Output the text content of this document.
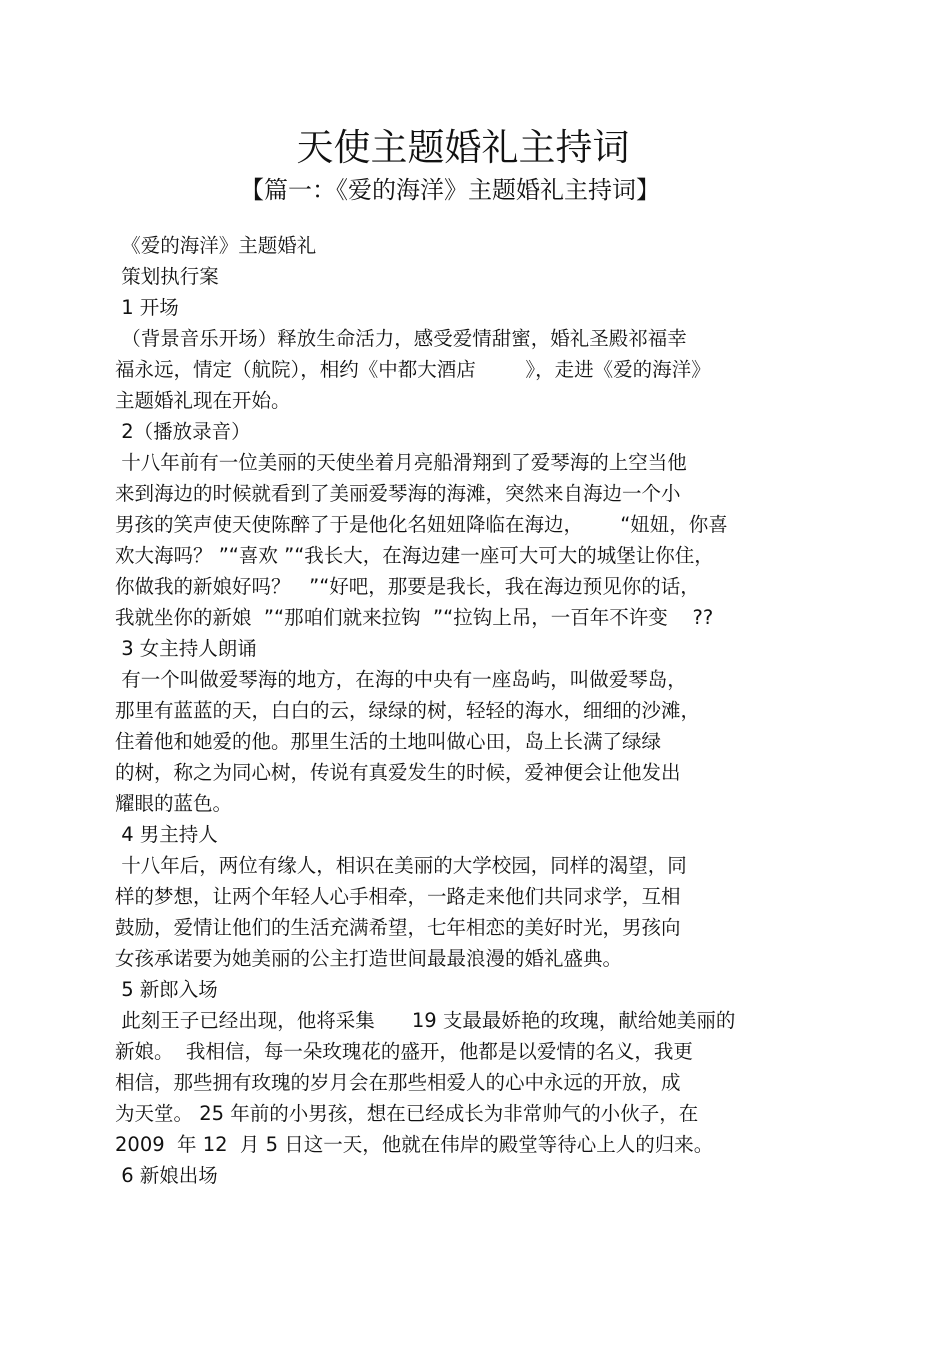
天使主题婚礼主持词
【篇一：《爱的海洋》主题婚礼主持词】

《爱的海洋》主题婚礼

策划执行案

1 开场

（背景音乐开场）释放生命活力，感受爱情甜蜜，婚礼圣殿祁福幸

福永远，情定（航院），相约《中都大酒店        》，走进《爱的海洋》

主题婚礼现在开始。

2（播放录音）

十八年前有一位美丽的天使坐着月亮船滑翔到了爱琴海的上空当他

来到海边的时候就看到了美丽爱琴海的海滩，突然来自海边一个小

男孩的笑声使天使陈醉了于是他化名妞妞降临在海边，      “妞妞，你喜

欢大海吗？ ”“喜欢 ”“我长大，在海边建一座可大可大的城堡让你住，

你做我的新娘好吗？   ”“好吧，那要是我长，我在海边预见你的话，

我就坐你的新娘  ”“那咱们就来拉钩  ”“拉钩上吊，一百年不许变    ??

3 女主持人朗诵

有一个叫做爱琴海的地方，在海的中央有一座岛屿，叫做爱琴岛，

那里有蓝蓝的天，白白的云，绿绿的树，轻轻的海水，细细的沙滩，

住着他和她爱的他。那里生活的土地叫做心田，岛上长满了绿绿

的树，称之为同心树，传说有真爱发生的时候，爱神便会让他发出

耀眼的蓝色。

4 男主持人

十八年后，两位有缘人，相识在美丽的大学校园，同样的渴望，同

样的梦想，让两个年轻人心手相牵，一路走来他们共同求学，互相

鼓励，爱情让他们的生活充满希望，七年相恋的美好时光，男孩向

女孩承诺要为她美丽的公主打造世间最最浪漫的婚礼盛典。

5 新郎入场

此刻王子已经出现，他将采集      19 支最最娇艳的玫瑰，献给她美丽的

新娘。  我相信，每一朵玫瑰花的盛开，他都是以爱情的名义，我更

相信，那些拥有玫瑰的岁月会在那些相爱人的心中永远的开放，成

为天堂。 25 年前的小男孩，想在已经成长为非常帅气的小伙子，在

2009  年 12  月 5 日这一天，他就在伟岸的殿堂等待心上人的归来。

6 新娘出场
